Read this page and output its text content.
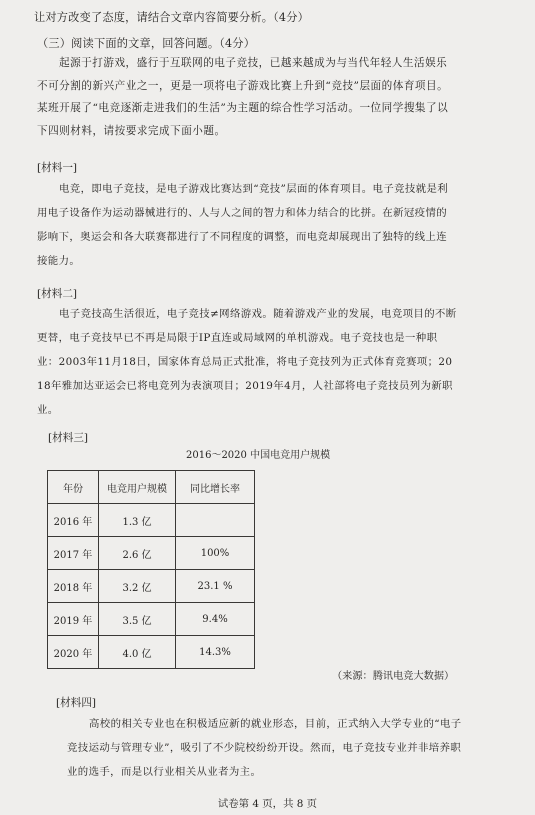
让对方改变了态度，请结合文章内容简要分析。（4分）
（三）阅读下面的文章，回答问题。（4分）
起源于打游戏，盛行于互联网的电子竞技，已越来越成为与当代年轻人生活娱乐不可分割的新兴产业之一，更是一项将电子游戏比赛上升到“竞技”层面的体育项目。某班开展了“电竞逐渐走进我们的生活”为主题的综合性学习活动。一位同学搜集了以下四则材料，请按要求完成下面小题。
[材料一]
电竞，即电子竞技，是电子游戏比赛达到“竞技”层面的体育项目。电子竞技就是利用电子设备作为运动器械进行的、人与人之间的智力和体力结合的比拼。在新冠疫情的影响下，奥运会和各大联赛都进行了不同程度的调整，而电竞却展现出了独特的线上连接能力。
[材料二]
电子竞技高生活很近，电子竞技≠网络游戏。随着游戏产业的发展，电竞项目的不断更替，电子竞技早已不再是局限于IP直连或局域网的单机游戏。电子竞技也是一种职业：2003年11月18日，国家体育总局正式批准，将电子竞技列为正式体育竞赛项；2018年雅加达亚运会已将电竞列为表演项目；2019年4月，人社部将电子竞技员列为新职业。
[材料三]
2016～2020 中国电竞用户规模
年份	电竞用户规模	同比增长率
2016 年	1.3 亿	
2017 年	2.6 亿	100%
2018 年	3.2 亿	23.1 %
2019 年	3.5 亿	9.4%
2020 年	4.0 亿	14.3%
（来源：腾讯电竞大数据）
[材料四]
高校的相关专业也在积极适应新的就业形态，目前，正式纳入大学专业的“电子竞技运动与管理专业”，吸引了不少院校纷纷开设。然而，电子竞技专业并非培养职业的选手，而是以行业相关从业者为主。
试卷第 4 页，共 8 页
